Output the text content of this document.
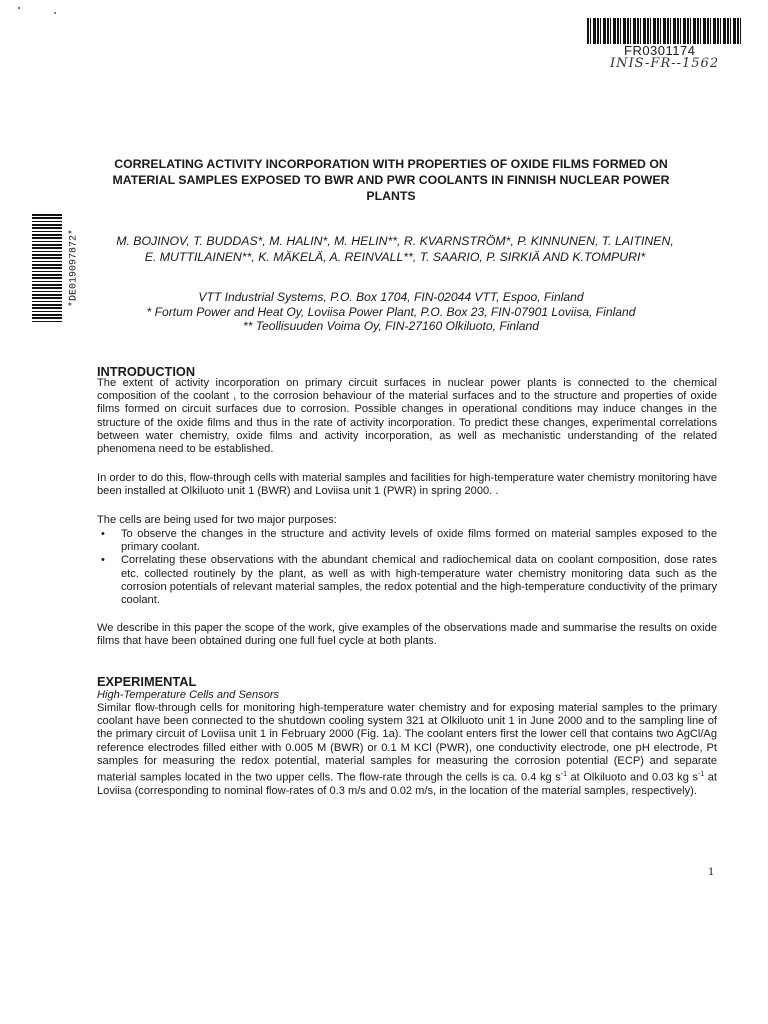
FR0301174
INIS-FR--1562
*DE019097872*
CORRELATING ACTIVITY INCORPORATION WITH PROPERTIES OF OXIDE FILMS FORMED ON MATERIAL SAMPLES EXPOSED TO BWR AND PWR COOLANTS IN FINNISH NUCLEAR POWER PLANTS
M. BOJINOV, T. BUDDAS*, M. HALIN*, M. HELIN**, R. KVARNSTRÖM*, P. KINNUNEN, T. LAITINEN, E. MUTTILAINEN**, K. MÄKELÄ, A. REINVALL**, T. SAARIO, P. SIRKIÄ AND K.TOMPURI*
VTT Industrial Systems, P.O. Box 1704, FIN-02044 VTT, Espoo, Finland
* Fortum Power and Heat Oy, Loviisa Power Plant, P.O. Box 23, FIN-07901 Loviisa, Finland
** Teollisuuden Voima Oy, FIN-27160 Olkiluoto, Finland
INTRODUCTION
The extent of activity incorporation on primary circuit surfaces in nuclear power plants is connected to the chemical composition of the coolant , to the corrosion behaviour of the material surfaces and to the structure and properties of oxide films formed on circuit surfaces due to corrosion. Possible changes in operational conditions may induce changes in the structure of the oxide films and thus in the rate of activity incorporation. To predict these changes, experimental correlations between water chemistry, oxide films and activity incorporation, as well as mechanistic understanding of the related phenomena need to be established.
In order to do this, flow-through cells with material samples and facilities for high-temperature water chemistry monitoring have been installed at Olkiluoto unit 1 (BWR) and Loviisa unit 1 (PWR) in spring 2000. .
The cells are being used for two major purposes:
• To observe the changes in the structure and activity levels of oxide films formed on material samples exposed to the primary coolant.
• Correlating these observations with the abundant chemical and radiochemical data on coolant composition, dose rates etc. collected routinely by the plant, as well as with high-temperature water chemistry monitoring data such as the corrosion potentials of relevant material samples, the redox potential and the high-temperature conductivity of the primary coolant.
We describe in this paper the scope of the work, give examples of the observations made and summarise the results on oxide films that have been obtained during one full fuel cycle at both plants.
EXPERIMENTAL
High-Temperature Cells and Sensors
Similar flow-through cells for monitoring high-temperature water chemistry and for exposing material samples to the primary coolant have been connected to the shutdown cooling system 321 at Olkiluoto unit 1 in June 2000 and to the sampling line of the primary circuit of Loviisa unit 1 in February 2000 (Fig. 1a). The coolant enters first the lower cell that contains two AgCl/Ag reference electrodes filled either with 0.005 M (BWR) or 0.1 M KCl (PWR), one conductivity electrode, one pH electrode, Pt samples for measuring the redox potential, material samples for measuring the corrosion potential (ECP) and separate material samples located in the two upper cells. The flow-rate through the cells is ca. 0.4 kg $s^{-1}$ at Olkiluoto and 0.03 kg $s^{-1}$ at Loviisa (corresponding to nominal flow-rates of 0.3 m/s and 0.02 m/s, in the location of the material samples, respectively).
1
